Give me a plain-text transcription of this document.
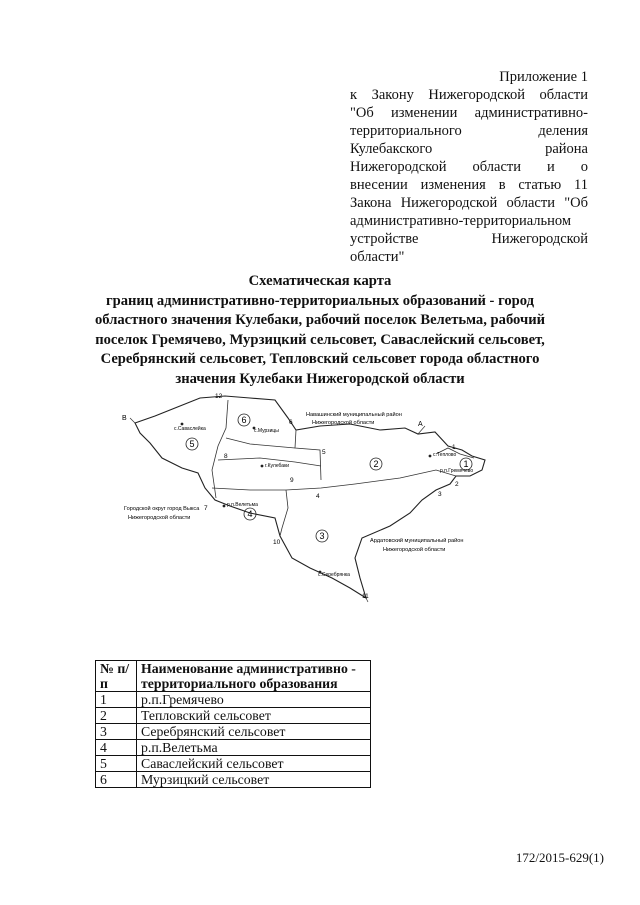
Приложение 1
к Закону Нижегородской области
"Об изменении административно-
территориального деления
Кулебакского района
Нижегородской области и о
внесении изменения в статью 11
Закона Нижегородской области "Об
административно-территориальном
устройстве Нижегородской
области"
Схематическая карта
границ административно-территориальных образований - город
областного значения Кулебаки, рабочий поселок Велетьма, рабочий
поселок Гремячево, Мурзицкий сельсовет, Саваслейский сельсовет,
Серебрянский сельсовет, Тепловский сельсовет города областного
значения Кулебаки Нижегородской области
1
2
3
4
5
6
1
2
3
4
5
6
7
8
9
10
11
12
А
В
с.Саваслейка	с.Мурзицы
г.Кулебаки
с.Теплово
р.п.Гремячево
р.п.Велетьма
с.Серебрянка
Навашинский муниципальный район
Нижегородской области
Городской округ город Выкса
Нижегородской области
Ардатовский муниципальный район
Нижегородской области
№ п/п	Наименование административно - территориального образования
1	р.п.Гремячево
2	Тепловский сельсовет
3	Серебрянский сельсовет
4	р.п.Велетьма
5	Саваслейский сельсовет
6	Мурзицкий сельсовет
172/2015-629(1)
